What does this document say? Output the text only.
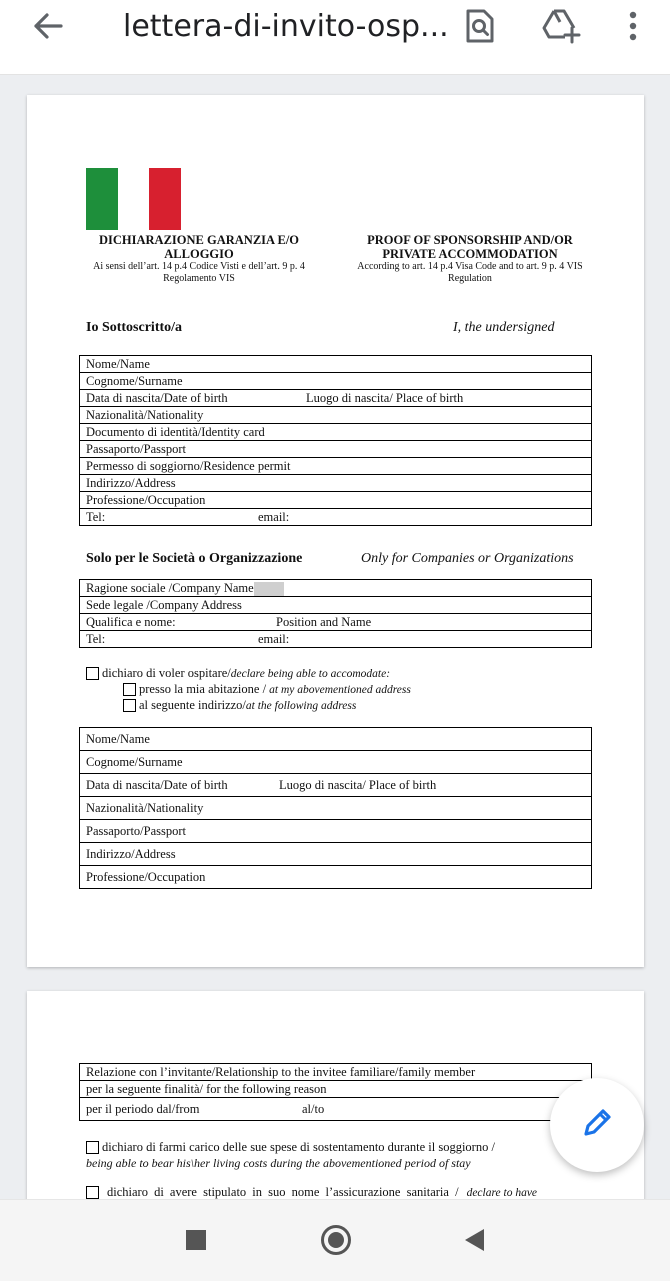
lettera-di-invito-osp...
DICHIARAZIONE GARANZIA E/O ALLOGGIO
Ai sensi dell’art. 14 p.4 Codice Visti e dell’art. 9 p. 4 Regolamento VIS
PROOF OF SPONSORSHIP AND/OR PRIVATE ACCOMMODATION
According to art. 14 p.4 Visa Code and to art. 9 p. 4 VIS Regulation
Io Sottoscritto/a	I, the undersigned
Nome/Name
Cognome/Surname
Data di nascita/Date of birth	Luogo di nascita/ Place of birth

Nazionalità/Nationality
Documento di identità/Identity card
Passaporto/Passport
Permesso di soggiorno/Residence permit
Indirizzo/Address
Professione/Occupation
Tel:	email:
Solo per le Società o Organizzazione	Only for Companies or Organizations
Ragione sociale /Company Name
Sede legale /Company Address
Qualifica e nome:	Position and Name

Tel:	email:
dichiaro di voler ospitare/ declare being able to accomodate:
presso la mia abitazione / at my abovementioned address
al seguente indirizzo/ at the following address
Nome/Name
Cognome/Surname
Data di nascita/Date of birth	Luogo di nascita/ Place of birth

Nazionalità/Nationality
Passaporto/Passport
Indirizzo/Address
Professione/Occupation
Relazione con l’invitante/Relationship to the invitee familiare/family member
per la seguente finalità/ for the following reason
per il periodo dal/from	al/to
dichiaro di farmi carico delle sue spese di sostentamento durante il soggiorno /
being able to bear his\her living costs during the abovementioned period of stay
dichiaro di avere stipulato in suo nome l’assicurazione sanitaria / declare to have
